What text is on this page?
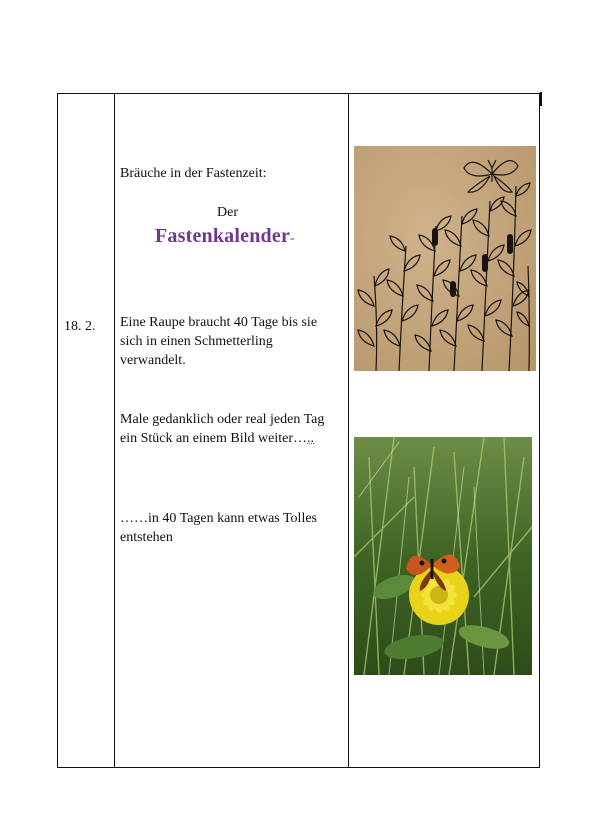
18. 2.
Bräuche in der Fastenzeit:
Der
Fastenkalender-
Eine Raupe braucht 40 Tage bis sie sich in einen Schmetterling verwandelt.
Male gedanklich oder real jeden Tag ein Stück an einem Bild weiter…..
……in 40 Tagen kann etwas Tolles entstehen
